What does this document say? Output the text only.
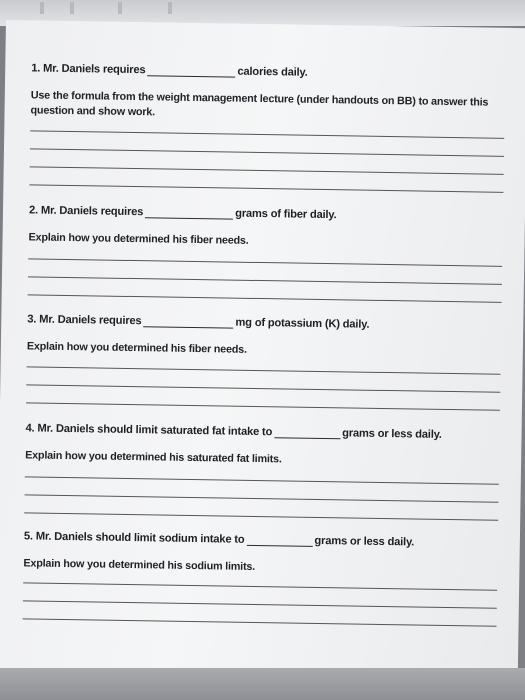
1.
Mr. Daniels requires	calories daily.
Use the formula from the weight management lecture (under handouts on BB) to answer this question and show work.
2.
Mr. Daniels requires	grams of fiber daily.
Explain how you determined his fiber needs.
3.
Mr. Daniels requires	mg of potassium (K) daily.
Explain how you determined his fiber needs.
4.
Mr. Daniels should limit saturated fat intake to	grams or less daily.
Explain how you determined his saturated fat limits.
5.
Mr. Daniels should limit sodium intake to	grams or less daily.
Explain how you determined his sodium limits.
